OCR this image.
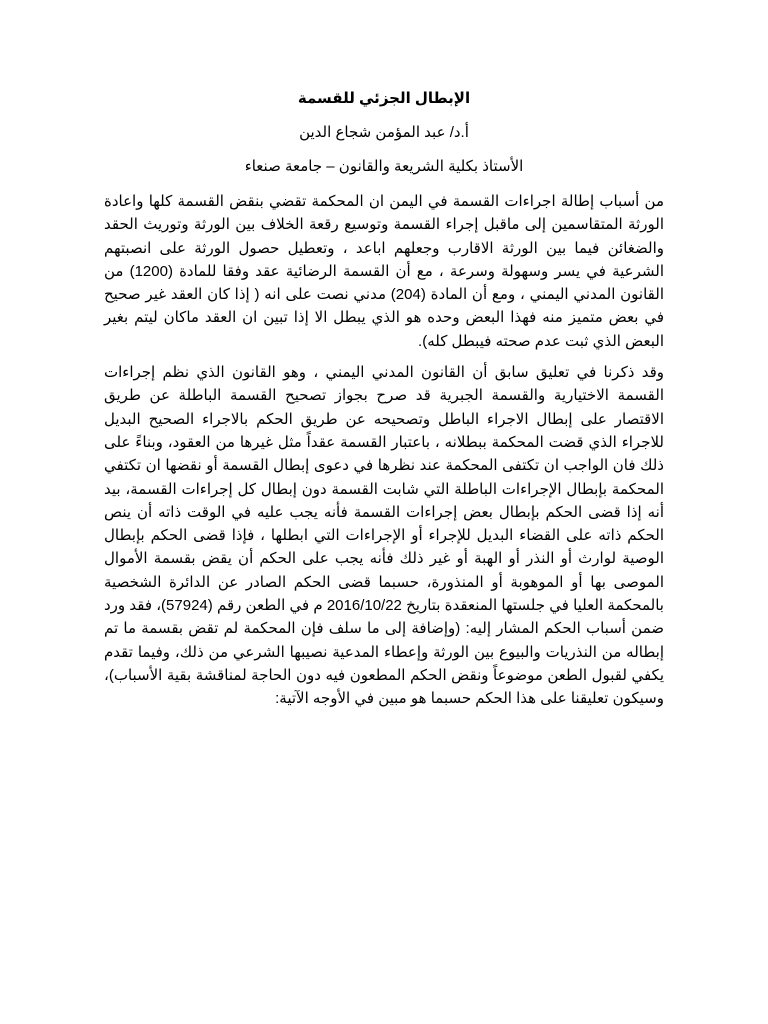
الإبطال الجزئي للقسمة
أ.د/ عبد المؤمن شجاع الدين
الأستاذ بكلية الشريعة والقانون – جامعة صنعاء

من أسباب إطالة اجراءات القسمة في اليمن ان المحكمة تقضي بنقض القسمة كلها واعادة الورثة المتقاسمين إلى ماقبل إجراء القسمة وتوسيع رقعة الخلاف بين الورثة وتوريث الحقد والضغائن فيما بين الورثة الاقارب وجعلهم اباعد ، وتعطيل حصول الورثة على انصبتهم الشرعية في يسر وسهولة وسرعة ، مع أن القسمة الرضائية عقد وفقا للمادة (1200) من القانون المدني اليمني ، ومع أن المادة (204) مدني نصت على انه ( إذا كان العقد غير صحيح في بعض متميز منه فهذا البعض وحده هو الذي يبطل الا إذا تبين ان العقد ماكان ليتم بغير البعض الذي ثبت عدم صحته فيبطل كله).

وقد ذكرنا في تعليق سابق أن القانون المدني اليمني ، وهو القانون الذي نظم إجراءات القسمة الاختيارية والقسمة الجبرية قد صرح بجواز تصحيح القسمة الباطلة عن طريق الاقتصار على إبطال الاجراء الباطل وتصحيحه عن طريق الحكم بالاجراء الصحيح البديل للاجراء الذي قضت المحكمة ببطلانه ، باعتبار القسمة عقداً مثل غيرها من العقود، وبناءً على ذلك فان الواجب ان تكتفى المحكمة عند نظرها في دعوى إبطال القسمة أو نقضها ان تكتفي المحكمة بإبطال الإجراءات الباطلة التي شابت القسمة دون إبطال كل إجراءات القسمة، بيد أنه إذا قضى الحكم بإبطال بعض إجراءات القسمة فأنه يجب عليه في الوقت ذاته أن ينص الحكم ذاته على القضاء البديل للإجراء أو الإجراءات التي ابطلها ، فإذا قضى الحكم بإبطال الوصية لوارث أو النذر أو الهبة أو غير ذلك فأنه يجب على الحكم أن يقض بقسمة الأموال الموصى بها أو الموهوبة أو المنذورة، حسبما قضى الحكم الصادر عن الدائرة الشخصية بالمحكمة العليا في جلستها المنعقدة بتاريخ 2016/10/22 م في الطعن رقم (57924)، فقد ورد ضمن أسباب الحكم المشار إليه: (وإضافة إلى ما سلف فإن المحكمة لم تقض بقسمة ما تم إبطاله من النذريات والبيوع بين الورثة وإعطاء المدعية نصيبها الشرعي من ذلك، وفيما تقدم يكفي لقبول الطعن موضوعاً ونقض الحكم المطعون فيه دون الحاجة لمناقشة بقية الأسباب)، وسيكون تعليقنا على هذا الحكم حسبما هو مبين في الأوجه الآتية:
